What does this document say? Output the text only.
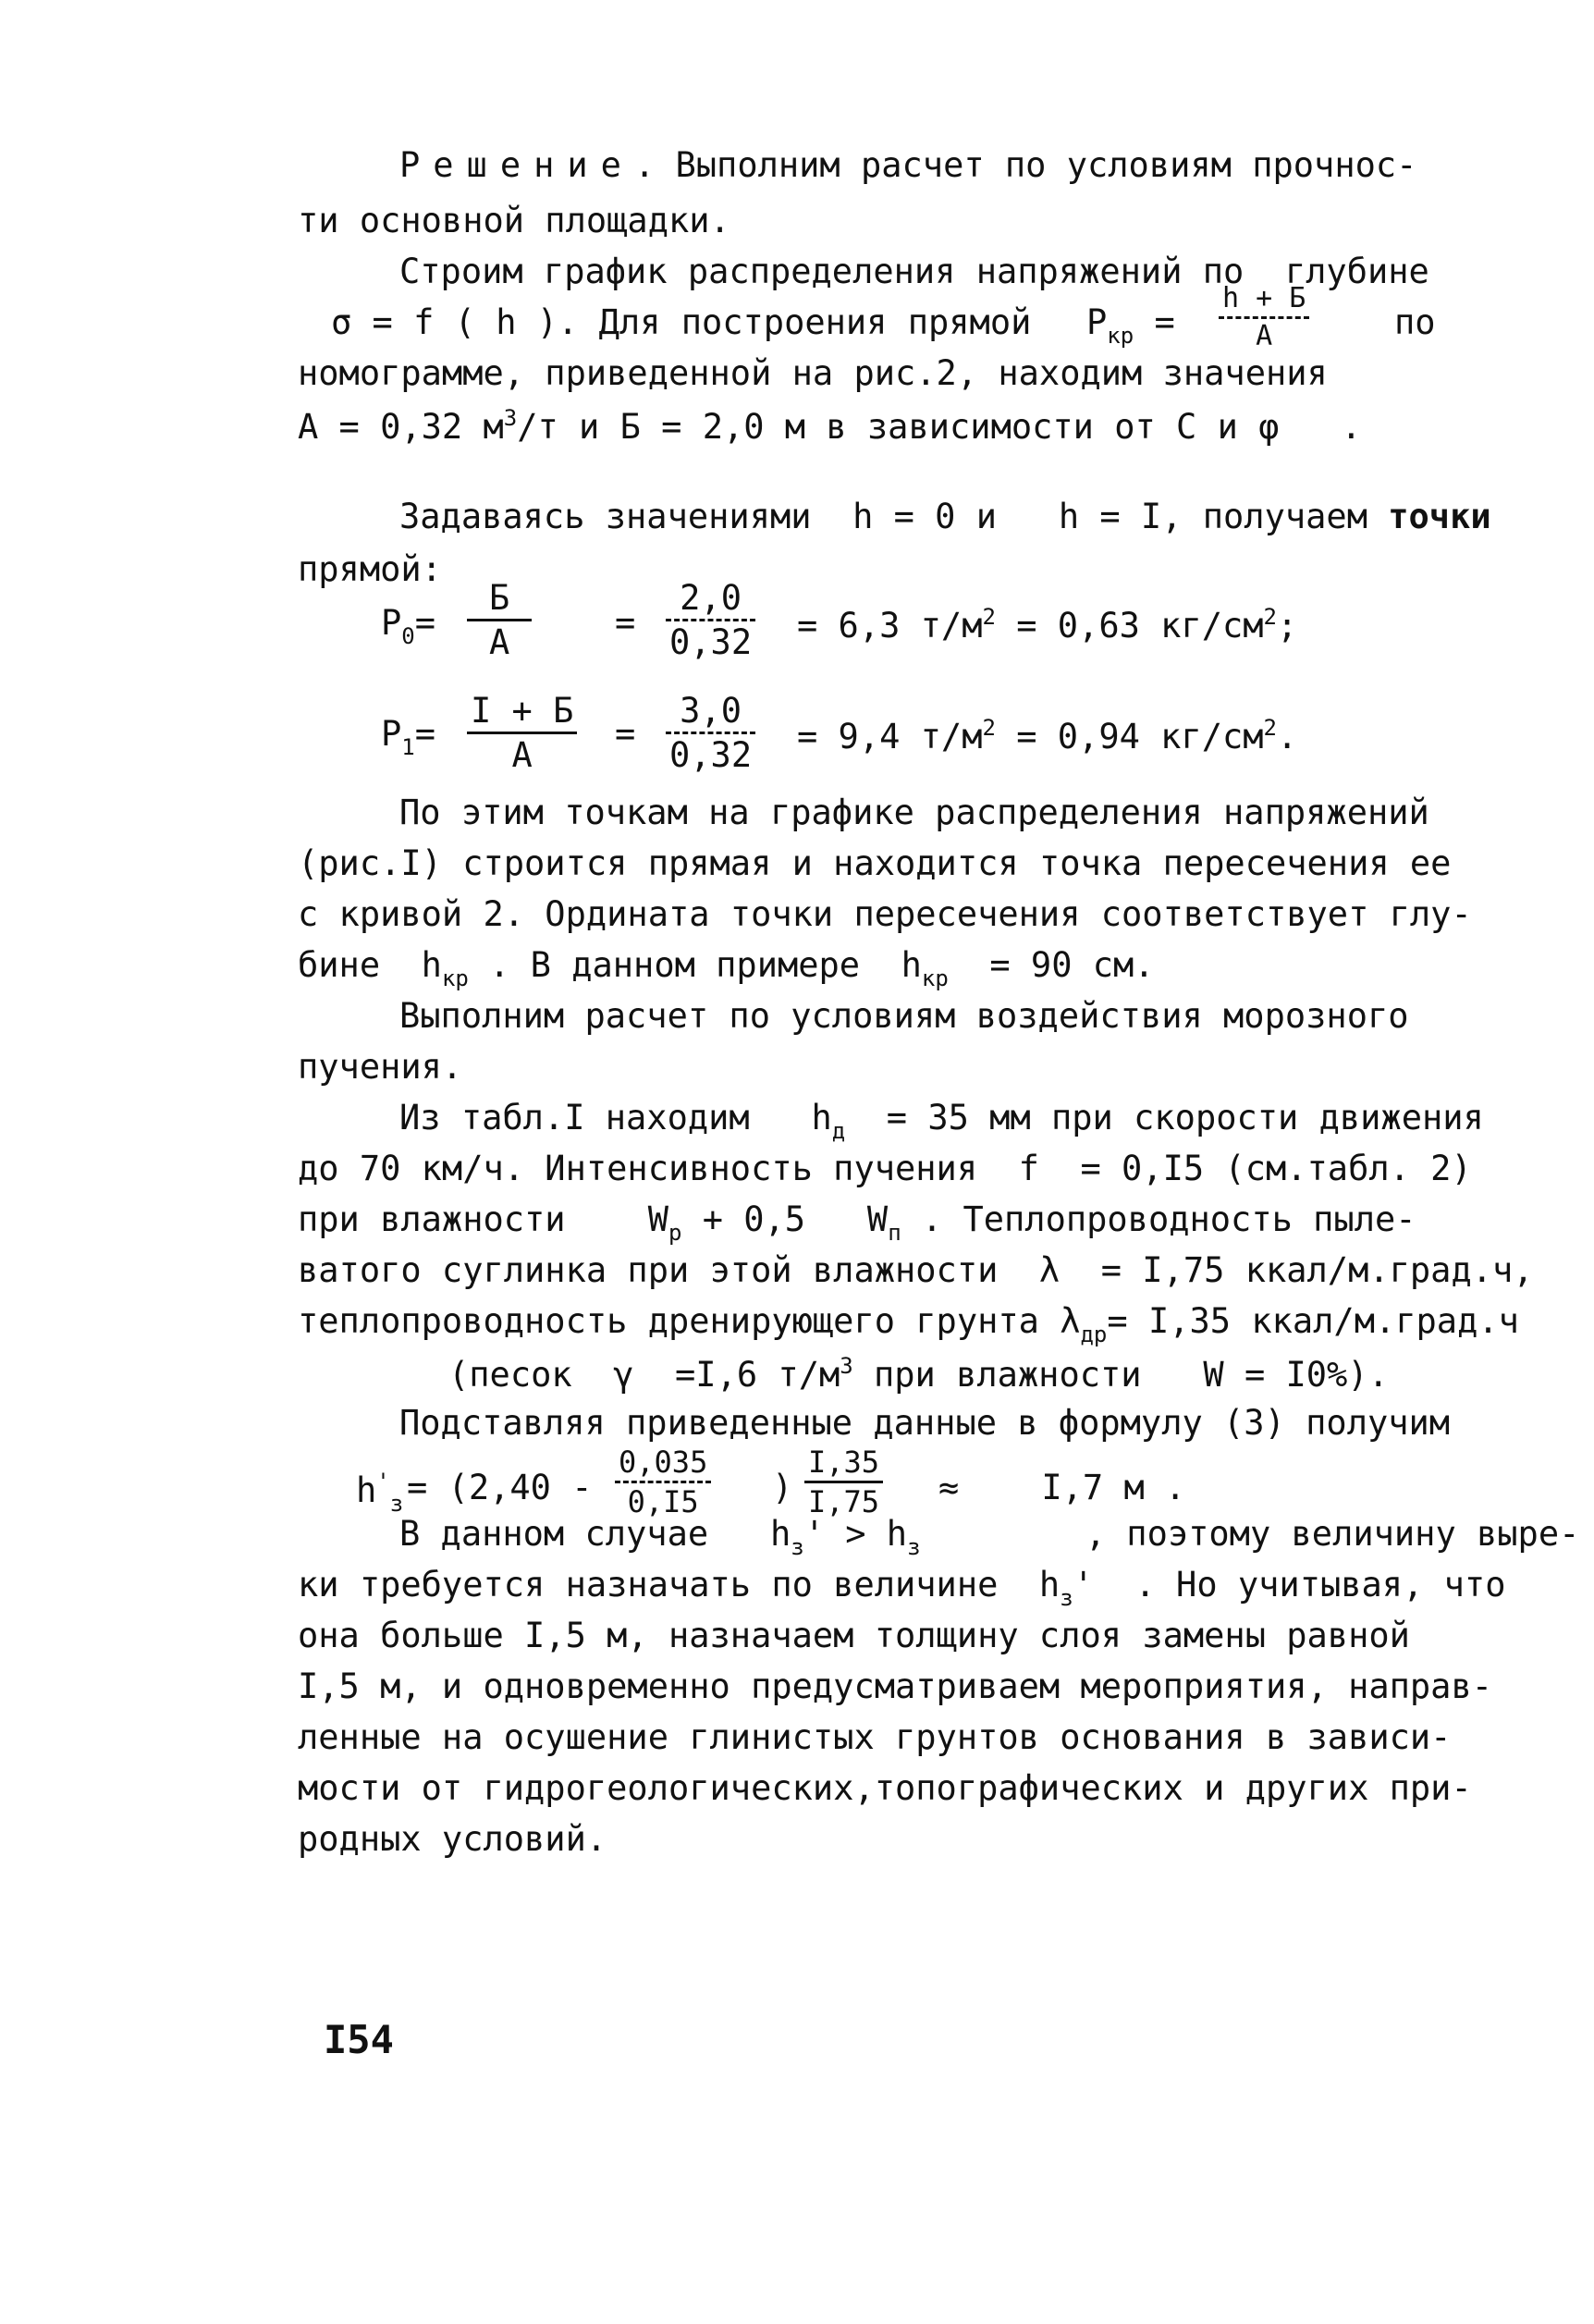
Решение. Выполним расчет по условиям прочнос-
ти основной площадки.
Строим график распределения напряжений по  глубине
σ = f ( h ). Для построения прямой $P_{кр}$ =
h + Б
A	по
номограмме, приведенной на рис.2, находим значения
A = 0,32 $м^3/т$ и Б = 2,0 м в зависимости от С и φ   .
Задаваясь значениями  h = 0 и   h = I, получаем точки
прямой:
$P_0=$
Б
A	= $\frac{2,0}{0,32} = 6,3$ $т/м^2 = 0,63$ $кг/см^2$;
$P_1=$
I + Б
A
= $\frac{3,0}{0,32} = 9,4$ $т/м^2 = 0,94$ $кг/см^2$.
По этим точкам на графике распределения напряжений
(рис.I) строится прямая и находится точка пересечения ее
с кривой 2. Ордината точки пересечения соответствует глу-
бине  $h_{кр}$ . В данном примере  $h_{кр} = 90$ см.
Выполним расчет по условиям воздействия морозного
пучения.
Из табл.I находим   $h_д = 35$ мм при скорости движения
до 70 км/ч. Интенсивность пучения  f  = 0,I5 (см.табл. 2)
при влажности    $W_p + 0,5$   $W_п$ . Теплопроводность пыле-
ватого суглинка при этой влажности  λ  = I,75 ккал/м.град.ч,
теплопроводность дренирующего грунта $\lambda_{др}= I,35$ ккал/м.град.ч
(песок  γ  =I,6 $т/м^3$ при влажности   W = I0%).
Подставляя приведенные данные в формулу (3) получим
$h'_з = (2,40 - \frac{0,035}{0,I5}$ ) $\frac{I,35}{I,75}$ ≈    I,7 м .
В данном случае   $h_з' > h_з$        , поэтому величину выре-
ки требуется назначать по величине  $h_з'$  . Но учитывая, что
она больше I,5 м, назначаем толщину слоя замены равной
I,5 м, и одновременно предусматриваем мероприятия, направ-
ленные на осушение глинистых грунтов основания в зависи-
мости от гидрогеологических,топографических и других при-
родных условий.
I54
